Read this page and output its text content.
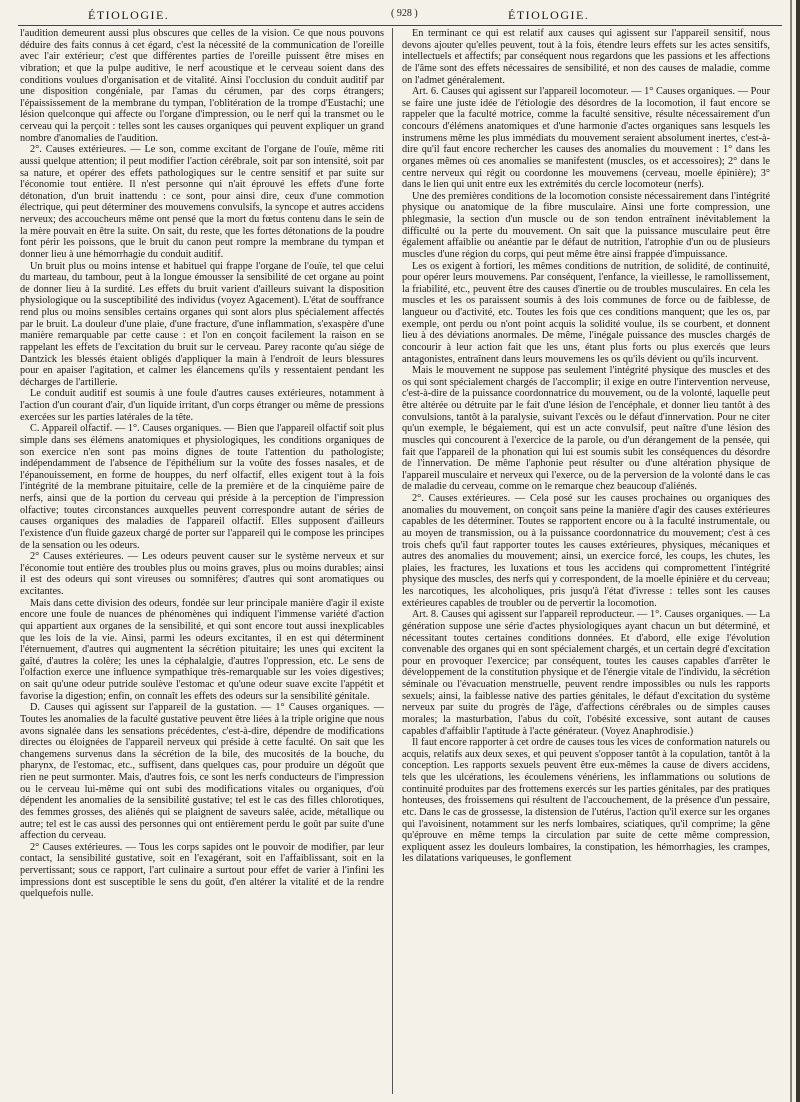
ÉTIOLOGIE.	( 928 )	ÉTIOLOGIE.

l'audition demeurent aussi plus obscures que celles de la vision. Ce que nous pouvons déduire des faits connus à cet égard, c'est la nécessité de la communication de l'oreille avec l'air extérieur; c'est que différentes parties de l'oreille puissent être mises en vibration; et que la pulpe auditive, le nerf acoustique et le cerveau soient dans des conditions voulues d'organisation et de vitalité. Ainsi l'occlusion du conduit auditif par une disposition congéniale, par l'amas du cérumen, par des corps étrangers; l'épaississement de la membrane du tympan, l'oblitération de la trompe d'Eustachi; une lésion quelconque qui affecte ou l'organe d'impression, ou le nerf qui la transmet ou le cerveau qui la perçoit : telles sont les causes organiques qui peuvent expliquer un grand nombre d'anomalies de l'audition.

2°. Causes extérieures. — Le son, comme excitant de l'organe de l'ouïe, même riti aussi quelque attention; il peut modifier l'action cérébrale, soit par son intensité, soit par sa nature, et opérer des effets pathologiques sur le centre sensitif et par suite sur l'économie tout entière. Il n'est personne qui n'ait éprouvé les effets d'une forte détonation, d'un bruit inattendu : ce sont, pour ainsi dire, ceux d'une commotion électrique, qui peut déterminer des mouvemens convulsifs, la syncope et autres accidens nerveux; des accoucheurs même ont pensé que la mort du fœtus contenu dans le sein de la mère pouvait en être la suite. On sait, du reste, que les fortes détonations de la poudre font périr les poissons, que le bruit du canon peut rompre la membrane du tympan et donner lieu à une hémorrhagie du conduit auditif.

Un bruit plus ou moins intense et habituel qui frappe l'organe de l'ouïe, tel que celui du marteau, du tambour, peut à la longue émousser la sensibilité de cet organe au point de donner lieu à la surdité. Les effets du bruit varient d'ailleurs suivant la disposition physiologique ou la susceptibilité des individus (voyez Agacement). L'état de souffrance rend plus ou moins sensibles certains organes qui sont alors plus spécialement affectés par le bruit. La douleur d'une plaie, d'une fracture, d'une inflammation, s'exaspère d'une manière remarquable par cette cause : et l'on en conçoit facilement la raison en se rappelant les effets de l'excitation du bruit sur le cerveau. Parey raconte qu'au siége de Dantzick les blessés étaient obligés d'appliquer la main à l'endroit de leurs blessures pour en apaiser l'agitation, et calmer les élancemens qu'ils y ressentaient pendant les décharges de l'artillerie.

Le conduit auditif est soumis à une foule d'autres causes extérieures, notamment à l'action d'un courant d'air, d'un liquide irritant, d'un corps étranger ou même de pressions exercées sur les parties latérales de la tête.

C. Appareil olfactif. — 1°. Causes organiques. — Bien que l'appareil olfactif soit plus simple dans ses élémens anatomiques et physiologiques, les conditions organiques de son exercice n'en sont pas moins dignes de toute l'attention du pathologiste; indépendamment de l'absence de l'épithélium sur la voûte des fosses nasales, et de l'épanouissement, en forme de houppes, du nerf olfactif, elles exigent tout à la fois l'intégrité de la membrane pituitaire, celle de la première et de la cinquième paire de nerfs, ainsi que de la portion du cerveau qui préside à la perception de l'impression olfactive; toutes circonstances auxquelles peuvent correspondre autant de séries de causes organiques des maladies de l'appareil olfactif. Elles supposent d'ailleurs l'existence d'un fluide gazeux chargé de porter sur l'appareil qui le compose les principes de la sensation ou les odeurs.

2° Causes extérieures. — Les odeurs peuvent causer sur le système nerveux et sur l'économie tout entière des troubles plus ou moins graves, plus ou moins durables; ainsi il est des odeurs qui sont vireuses ou somnifères; d'autres qui sont aromatiques ou excitantes.

Mais dans cette division des odeurs, fondée sur leur principale manière d'agir il existe encore une foule de nuances de phénomènes qui indiquent l'immense variété d'action qui appartient aux organes de la sensibilité, et qui sont encore tout aussi inexplicables que les lois de la vie. Ainsi, parmi les odeurs excitantes, il en est qui déterminent l'éternuement, d'autres qui augmentent la sécrétion pituitaire; les unes qui excitent la gaîté, d'autres la colère; les unes la céphalalgie, d'autres l'oppression, etc. Le sens de l'olfaction exerce une influence sympathique très-remarquable sur les voies digestives; on sait qu'une odeur putride soulève l'estomac et qu'une odeur suave excite l'appétit et favorise la digestion; enfin, on connaît les effets des odeurs sur la sensibilité génitale.

D. Causes qui agissent sur l'appareil de la gustation. — 1° Causes organiques. — Toutes les anomalies de la faculté gustative peuvent être liées à la triple origine que nous avons signalée dans les sensations précédentes, c'est-à-dire, dépendre de modifications directes ou éloignées de l'appareil nerveux qui préside à cette faculté. On sait que les changemens survenus dans la sécrétion de la bile, des mucosités de la bouche, du pharynx, de l'estomac, etc., suffisent, dans quelques cas, pour produire un dégoût que rien ne peut surmonter. Mais, d'autres fois, ce sont les nerfs conducteurs de l'impression ou le cerveau lui-même qui ont subi des modifications vitales ou organiques, d'où dépendent les anomalies de la sensibilité gustative; tel est le cas des filles chlorotiques, des femmes grosses, des aliénés qui se plaignent de saveurs salée, acide, métallique ou autre; tel est le cas aussi des personnes qui ont entièrement perdu le goût par suite d'une affection du cerveau.

2° Causes extérieures. — Tous les corps sapides ont le pouvoir de modifier, par leur contact, la sensibilité gustative, soit en l'exagérant, soit en l'affaiblissant, soit en la pervertissant; sous ce rapport, l'art culinaire a surtout pour effet de varier à l'infini les impressions dont est susceptible le sens du goût, d'en altérer la vitalité et de la rendre quelquefois nulle.

En terminant ce qui est relatif aux causes qui agissent sur l'appareil sensitif, nous devons ajouter qu'elles peuvent, tout à la fois, étendre leurs effets sur les actes sensitifs, intellectuels et affectifs; par conséquent nous regardons que les passions et les affections de l'âme sont des effets nécessaires de sensibilité, et non des causes de maladie, comme on l'admet généralement.

Art. 6. Causes qui agissent sur l'appareil locomoteur. — 1° Causes organiques. — Pour se faire une juste idée de l'étiologie des désordres de la locomotion, il faut encore se rappeler que la faculté motrice, comme la faculté sensitive, résulte nécessairement d'un concours d'élémens anatomiques et d'une harmonie d'actes organiques sans lesquels les instrumens même les plus immédiats du mouvement seraient absolument inertes, c'est-à-dire qu'il faut encore rechercher les causes des anomalies du mouvement : 1° dans les organes mêmes où ces anomalies se manifestent (muscles, os et accessoires); 2° dans le centre nerveux qui régit ou coordonne les mouvemens (cerveau, moelle épinière); 3° dans le lien qui unit entre eux les extrémités du cercle locomoteur (nerfs).

Une des premières conditions de la locomotion consiste nécessairement dans l'intégrité physique ou anatomique de la fibre musculaire. Ainsi une forte compression, une phlegmasie, la section d'un muscle ou de son tendon entraînent inévitablement la difficulté ou la perte du mouvement. On sait que la puissance musculaire peut être également affaiblie ou anéantie par le défaut de nutrition, l'atrophie d'un ou de plusieurs muscles d'une région du corps, qui peut même être ainsi frappée d'impuissance.

Les os exigent à fortiori, les mêmes conditions de nutrition, de solidité, de continuité, pour opérer leurs mouvemens. Par conséquent, l'enfance, la vieillesse, le ramollissement, la friabilité, etc., peuvent être des causes d'inertie ou de troubles musculaires. En cela les muscles et les os paraissent soumis à des lois communes de force ou de faiblesse, de langueur ou d'activité, etc. Toutes les fois que ces conditions manquent; que les os, par exemple, ont perdu ou n'ont point acquis la solidité voulue, ils se courbent, et donnent lieu à des déviations anormales. De même, l'inégale puissance des muscles chargés de concourir à leur action fait que les uns, étant plus forts ou plus exercés que leurs antagonistes, entraînent dans leurs mouvemens les os qu'ils dévient ou qu'ils incurvent.

Mais le mouvement ne suppose pas seulement l'intégrité physique des muscles et des os qui sont spécialement chargés de l'accomplir; il exige en outre l'intervention nerveuse, c'est-à-dire de la puissance coordonnatrice du mouvement, ou de la volonté, laquelle peut être altérée ou détruite par le fait d'une lésion de l'encéphale, et donner lieu tantôt à des convulsions, tantôt à la paralysie, suivant l'excès ou le défaut d'innervation. Pour ne citer qu'un exemple, le bégaiement, qui est un acte convulsif, peut naître d'une lésion des muscles qui concourent à l'exercice de la parole, ou d'un dérangement de la pensée, qui fait que l'appareil de la phonation qui lui est soumis subit les conséquences du désordre de l'innervation. De même l'aphonie peut résulter ou d'une altération physique de l'appareil musculaire et nerveux qui l'exerce, ou de la perversion de la volonté dans le cas de maladie du cerveau, comme on le remarque chez beaucoup d'aliénés.

2°. Causes extérieures. — Cela posé sur les causes prochaines ou organiques des anomalies du mouvement, on conçoit sans peine la manière d'agir des causes extérieures capables de les déterminer. Toutes se rapportent encore ou à la faculté instrumentale, ou au moyen de transmission, ou à la puissance coordonnatrice du mouvement; c'est à ces trois chefs qu'il faut rapporter toutes les causes extérieures, physiques, mécaniques et autres des anomalies du mouvement; ainsi, un exercice forcé, les coups, les chutes, les plaies, les fractures, les luxations et tous les accidens qui compromettent l'intégrité physique des muscles, des nerfs qui y correspondent, de la moelle épinière et du cerveau; les narcotiques, les alcoholiques, pris jusqu'à l'état d'ivresse : telles sont les causes extérieures capables de troubler ou de pervertir la locomotion.

Art. 8. Causes qui agissent sur l'appareil reproducteur. — 1°. Causes organiques. — La génération suppose une série d'actes physiologiques ayant chacun un but déterminé, et nécessitant toutes certaines conditions données. Et d'abord, elle exige l'évolution convenable des organes qui en sont spécialement chargés, et un certain degré d'excitation pour en provoquer l'exercice; par conséquent, toutes les causes capables d'arrêter le développement de la constitution physique et de l'énergie vitale de l'individu, la sécrétion séminale ou l'évacuation menstruelle, peuvent rendre impossibles ou nuls les rapports sexuels; ainsi, la faiblesse native des parties génitales, le défaut d'excitation du système nerveux par suite du progrès de l'âge, d'affections cérébrales ou de simples causes morales; la masturbation, l'abus du coït, l'obésité excessive, sont autant de causes capables d'affaiblir l'aptitude à l'acte générateur. (Voyez Anaphrodisie.)

Il faut encore rapporter à cet ordre de causes tous les vices de conformation naturels ou acquis, relatifs aux deux sexes, et qui peuvent s'opposer tantôt à la copulation, tantôt à la conception. Les rapports sexuels peuvent être eux-mêmes la cause de divers accidens, tels que les ulcérations, les écoulemens vénériens, les inflammations ou solutions de continuité produites par des frottemens exercés sur les parties génitales, par des pratiques honteuses, des froissemens qui résultent de l'accouchement, de la présence d'un pessaire, etc. Dans le cas de grossesse, la distension de l'utérus, l'action qu'il exerce sur les organes qui l'avoisinent, notamment sur les nerfs lombaires, sciatiques, qu'il comprime; la gêne qu'éprouve en même temps la circulation par suite de cette même compression, expliquent assez les douleurs lombaires, la constipation, les hémorrhagies, les crampes, les dilatations variqueuses, le gonflement
